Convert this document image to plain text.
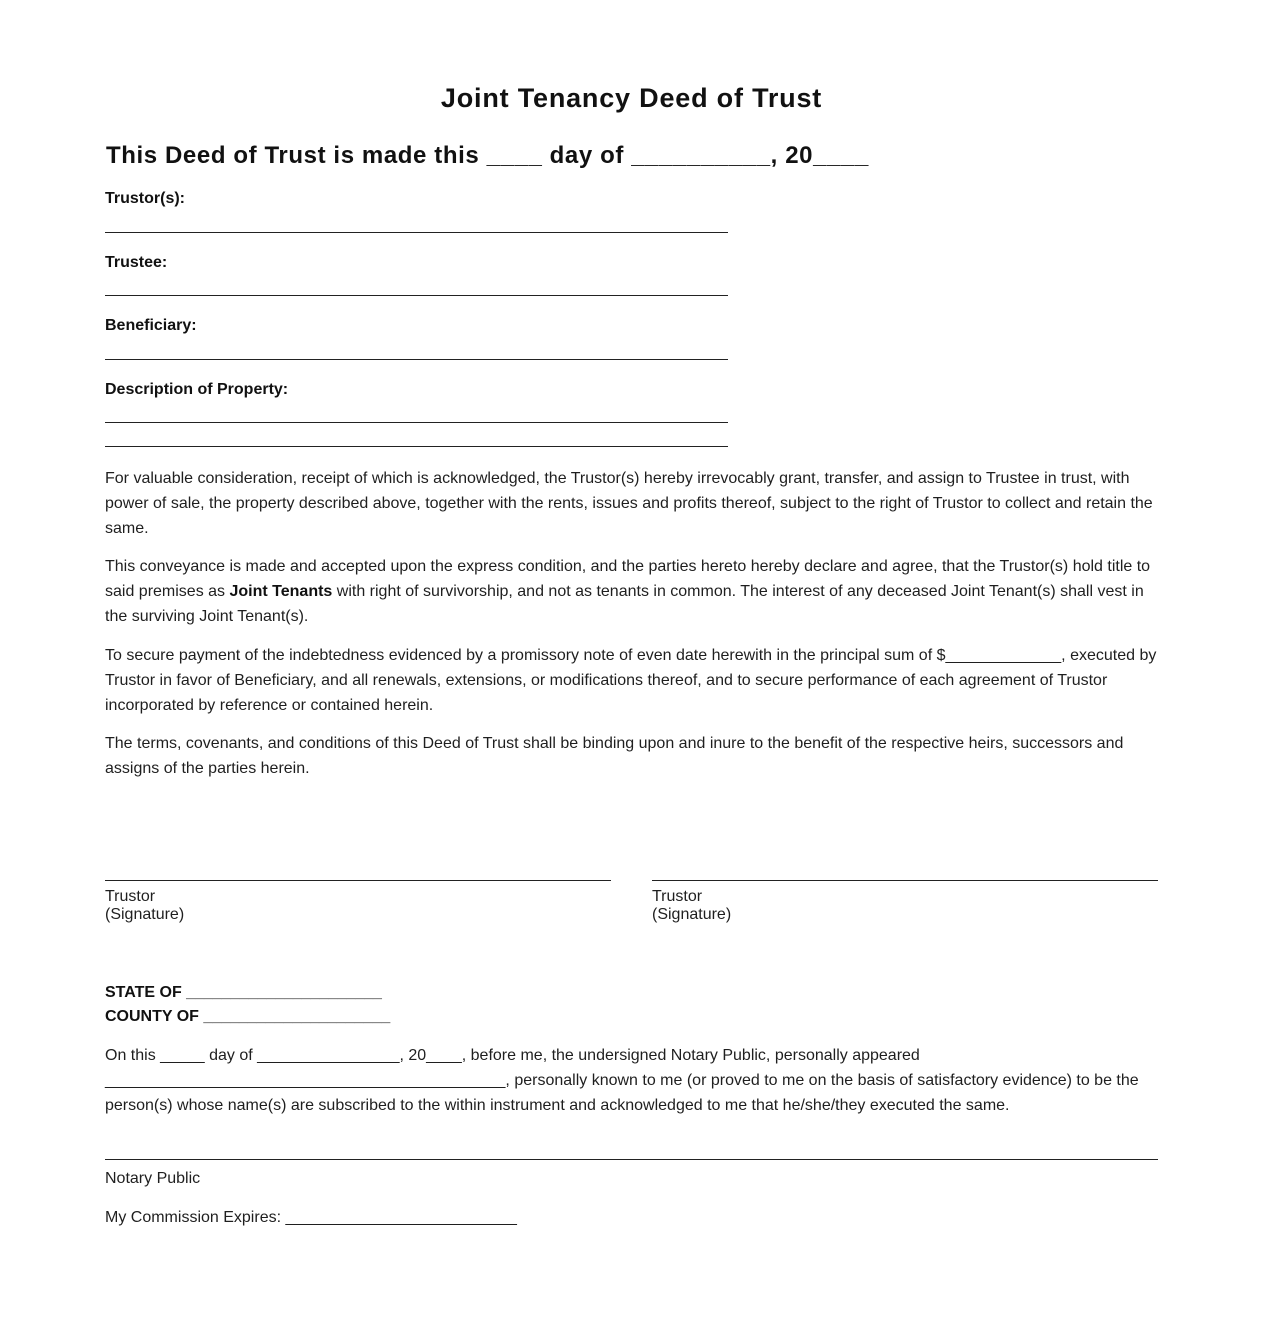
Joint Tenancy Deed of Trust
This Deed of Trust is made this ____ day of __________, 20____
Trustor(s):
Trustee:
Beneficiary:
Description of Property:

For valuable consideration, receipt of which is acknowledged, the Trustor(s) hereby irrevocably grant, transfer, and assign to Trustee in trust, with power of sale, the property described above, together with the rents, issues and profits thereof, subject to the right of Trustor to collect and retain the same.

This conveyance is made and accepted upon the express condition, and the parties hereto hereby declare and agree, that the Trustor(s) hold title to said premises as Joint Tenants with right of survivorship, and not as tenants in common. The interest of any deceased Joint Tenant(s) shall vest in the surviving Joint Tenant(s).

To secure payment of the indebtedness evidenced by a promissory note of even date herewith in the principal sum of $_____________, executed by Trustor in favor of Beneficiary, and all renewals, extensions, or modifications thereof, and to secure performance of each agreement of Trustor incorporated by reference or contained herein.

The terms, covenants, and conditions of this Deed of Trust shall be binding upon and inure to the benefit of the respective heirs, successors and assigns of the parties herein.

Trustor
(Signature)
Trustor
(Signature)
STATE OF ______________________
COUNTY OF _____________________
On this _____ day of ________________, 20____, before me, the undersigned Notary Public, personally appeared _____________________________________________, personally known to me (or proved to me on the basis of satisfactory evidence) to be the person(s) whose name(s) are subscribed to the within instrument and acknowledged to me that he/she/they executed the same.
Notary Public
My Commission Expires: __________________________
